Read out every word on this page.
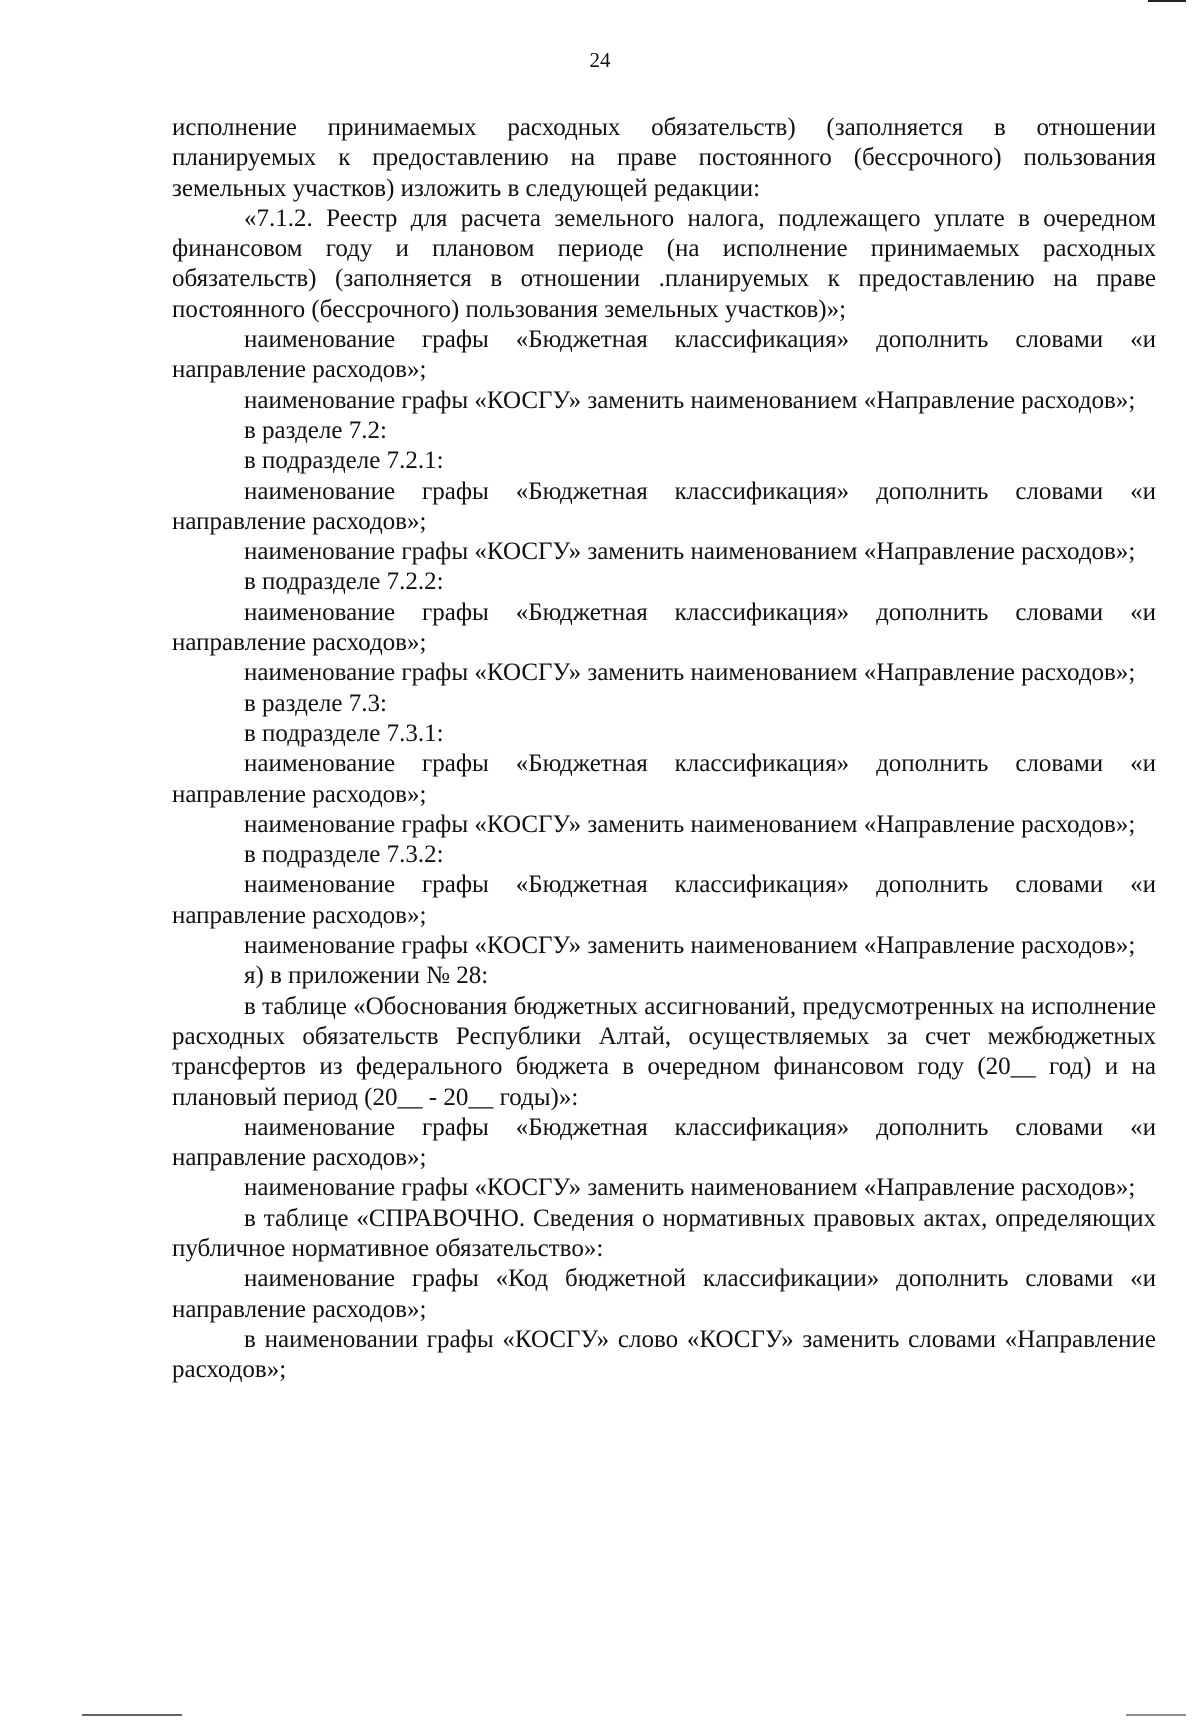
24

исполнение принимаемых расходных обязательств) (заполняется в отношении планируемых к предоставлению на праве постоянного (бессрочного) пользования земельных участков) изложить в следующей редакции:

«7.1.2. Реестр для расчета земельного налога, подлежащего уплате в очередном финансовом году и плановом периоде (на исполнение принимаемых расходных обязательств) (заполняется в отношении .планируемых к предоставлению на праве постоянного (бессрочного) пользования земельных участков)»;

наименование графы «Бюджетная классификация» дополнить словами «и направление расходов»;

наименование графы «КОСГУ» заменить наименованием «Направление расходов»;

в разделе 7.2:

в подразделе 7.2.1:

наименование графы «Бюджетная классификация» дополнить словами «и направление расходов»;

наименование графы «КОСГУ» заменить наименованием «Направление расходов»;

в подразделе 7.2.2:

наименование графы «Бюджетная классификация» дополнить словами «и направление расходов»;

наименование графы «КОСГУ» заменить наименованием «Направление расходов»;

в разделе 7.3:

в подразделе 7.3.1:

наименование графы «Бюджетная классификация» дополнить словами «и направление расходов»;

наименование графы «КОСГУ» заменить наименованием «Направление расходов»;

в подразделе 7.3.2:

наименование графы «Бюджетная классификация» дополнить словами «и направление расходов»;

наименование графы «КОСГУ» заменить наименованием «Направление расходов»;

я) в приложении № 28:

в таблице «Обоснования бюджетных ассигнований, предусмотренных на исполнение расходных обязательств Республики Алтай, осуществляемых за счет межбюджетных трансфертов из федерального бюджета в очередном финансовом году (20__ год) и на плановый период (20__ - 20__ годы)»:

наименование графы «Бюджетная классификация» дополнить словами «и направление расходов»;

наименование графы «КОСГУ» заменить наименованием «Направление расходов»;

в таблице «СПРАВОЧНО. Сведения о нормативных правовых актах, определяющих публичное нормативное обязательство»:

наименование графы «Код бюджетной классификации» дополнить словами «и направление расходов»;

в наименовании графы «КОСГУ» слово «КОСГУ» заменить словами «Направление расходов»;
